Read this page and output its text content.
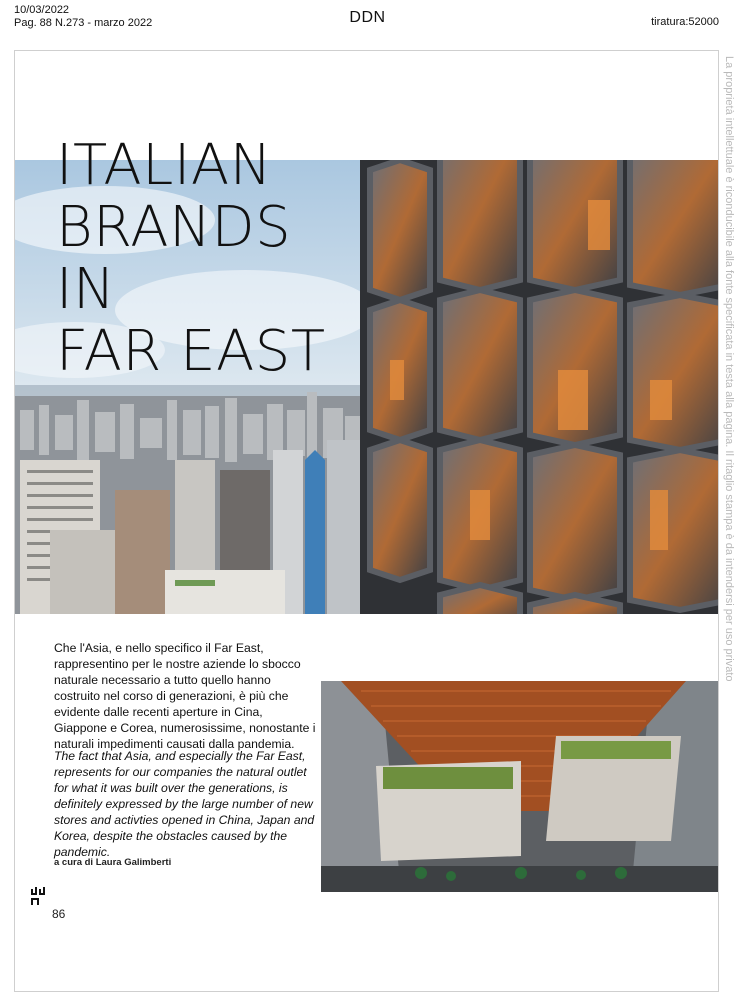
10/03/2022
Pag. 88 N.273 - marzo 2022	DDN	tiratura:52000
La proprietà intellettuale è riconducibile alla fonte specificata in testa alla pagina. Il ritaglio stampa è da intendersi per uso privato
ITALIAN
BRANDS
IN
FAR EAST

Che l'Asia, e nello specifico il Far East, rappresentino per le nostre aziende lo sbocco naturale necessario a tutto quello hanno costruito nel corso di generazioni, è più che evidente dalle recenti aperture in Cina, Giappone e Corea, numerosissime, nonostante i naturali impedimenti causati dalla pandemia.

The fact that Asia, and especially the Far East, represents for our companies the natural outlet for what it was built over the generations, is definitely expressed by the large number of new stores and activties opened in China, Japan and Korea, despite the obstacles caused by the pandemic.

a cura di Laura Galimberti
86
